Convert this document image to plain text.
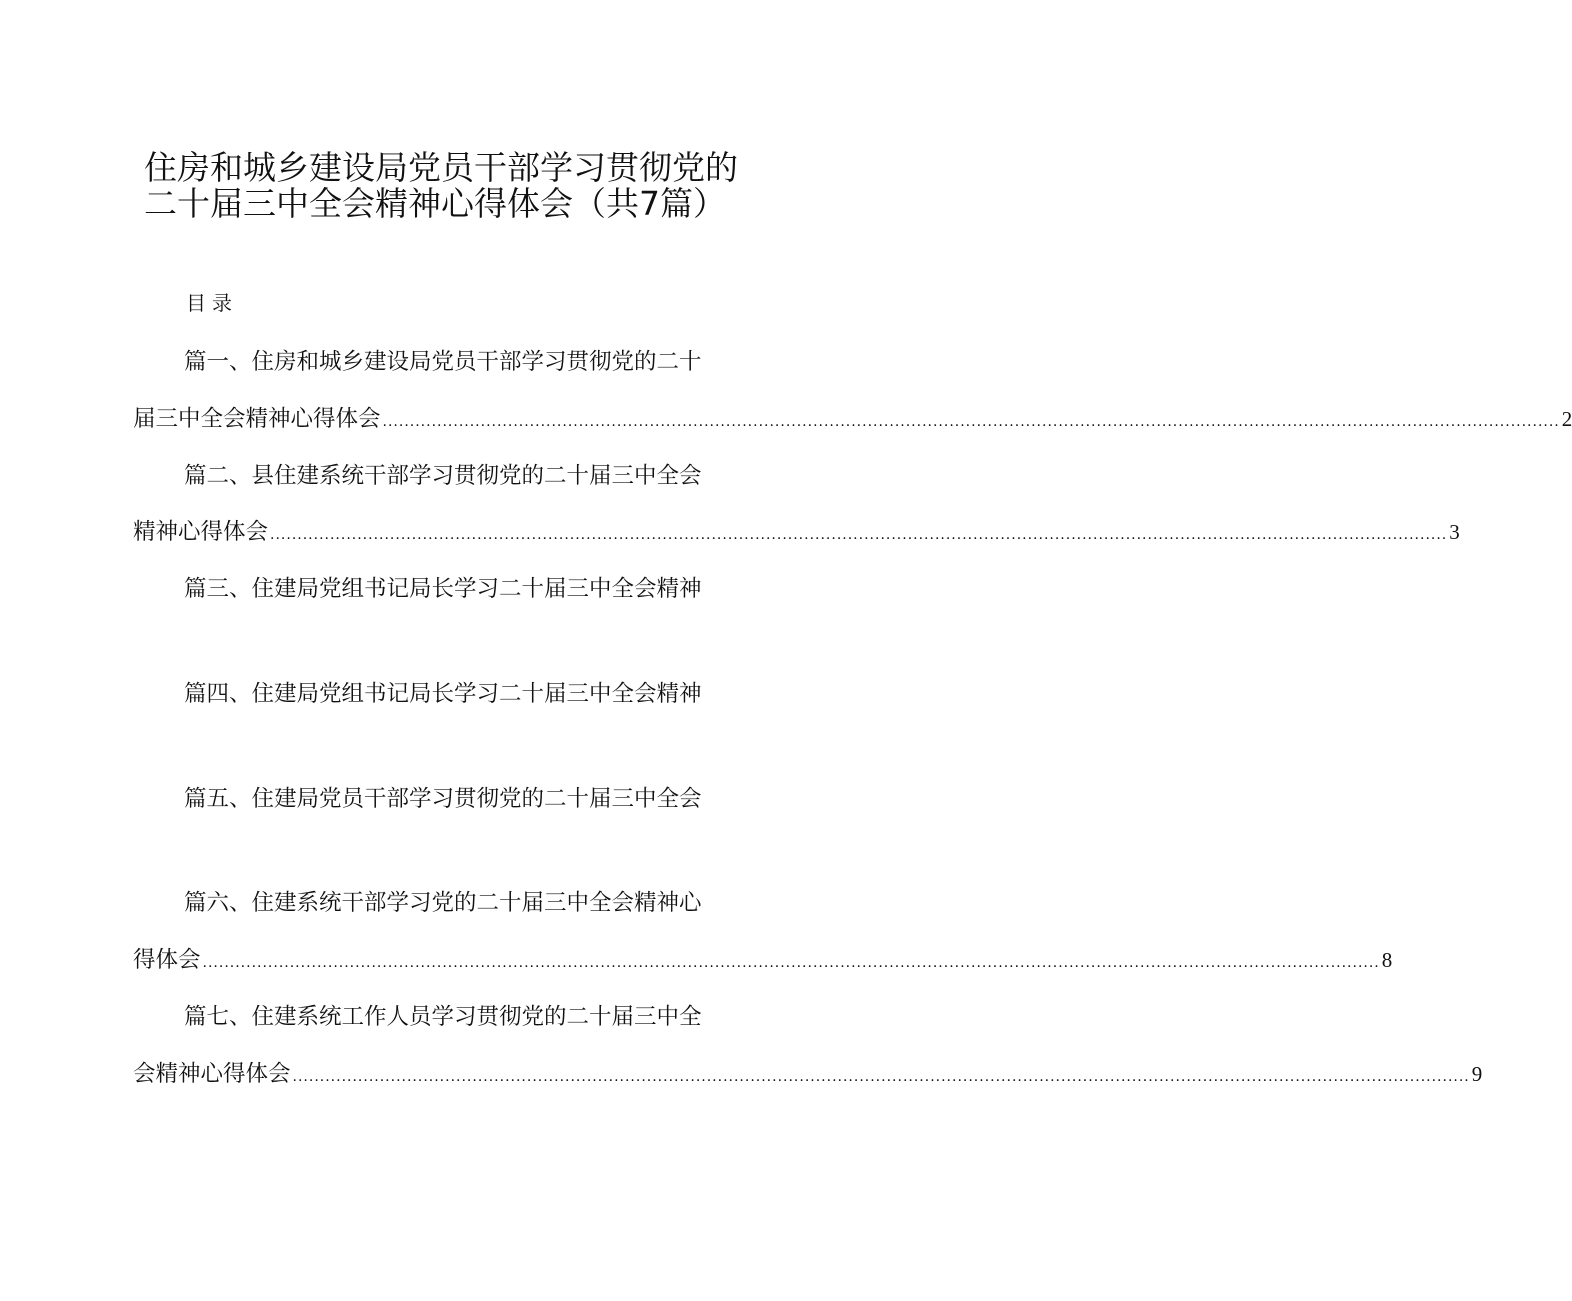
住房和城乡建设局党员干部学习贯彻党的
二十届三中全会精神心得体会（共7篇）
目录
篇一、住房和城乡建设局党员干部学习贯彻党的二十
届三中全会精神心得体会 ........................................................................................................................................................................................................................ 2
篇二、县住建系统干部学习贯彻党的二十届三中全会
精神心得体会 ........................................................................................................................................................................................................................ 3
篇三、住建局党组书记局长学习二十届三中全会精神
篇四、住建局党组书记局长学习二十届三中全会精神
篇五、住建局党员干部学习贯彻党的二十届三中全会
篇六、住建系统干部学习党的二十届三中全会精神心
得体会 ........................................................................................................................................................................................................................ 8
篇七、住建系统工作人员学习贯彻党的二十届三中全
会精神心得体会 ........................................................................................................................................................................................................................ 9
